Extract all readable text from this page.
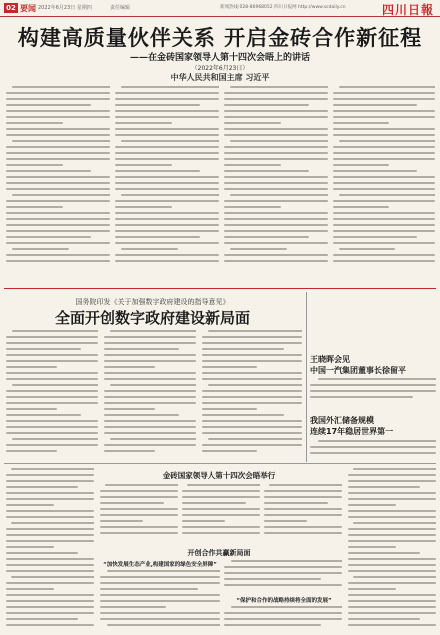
02 要闻 2022年6月23日 星期四	责任编辑	新闻热线:028-86968052 四川日报网 http://www.scdaily.cn	四川日報
构建高质量伙伴关系 开启金砖合作新征程
——在金砖国家领导人第十四次会晤上的讲话
（2022年6月23日）
中华人民共和国主席 习近平
国务院印发《关于加强数字政府建设的指导意见》
全面开创数字政府建设新局面
王晓晖会见
中国一汽集团董事长徐留平
我国外汇储备规模
连续17年稳居世界第一
金砖国家领导人第十四次会晤举行
开创合作共赢新局面
“加快发展生态产业,构建国家的绿色安全屏障”
“保护和合作的战略持续将全面的发展”
